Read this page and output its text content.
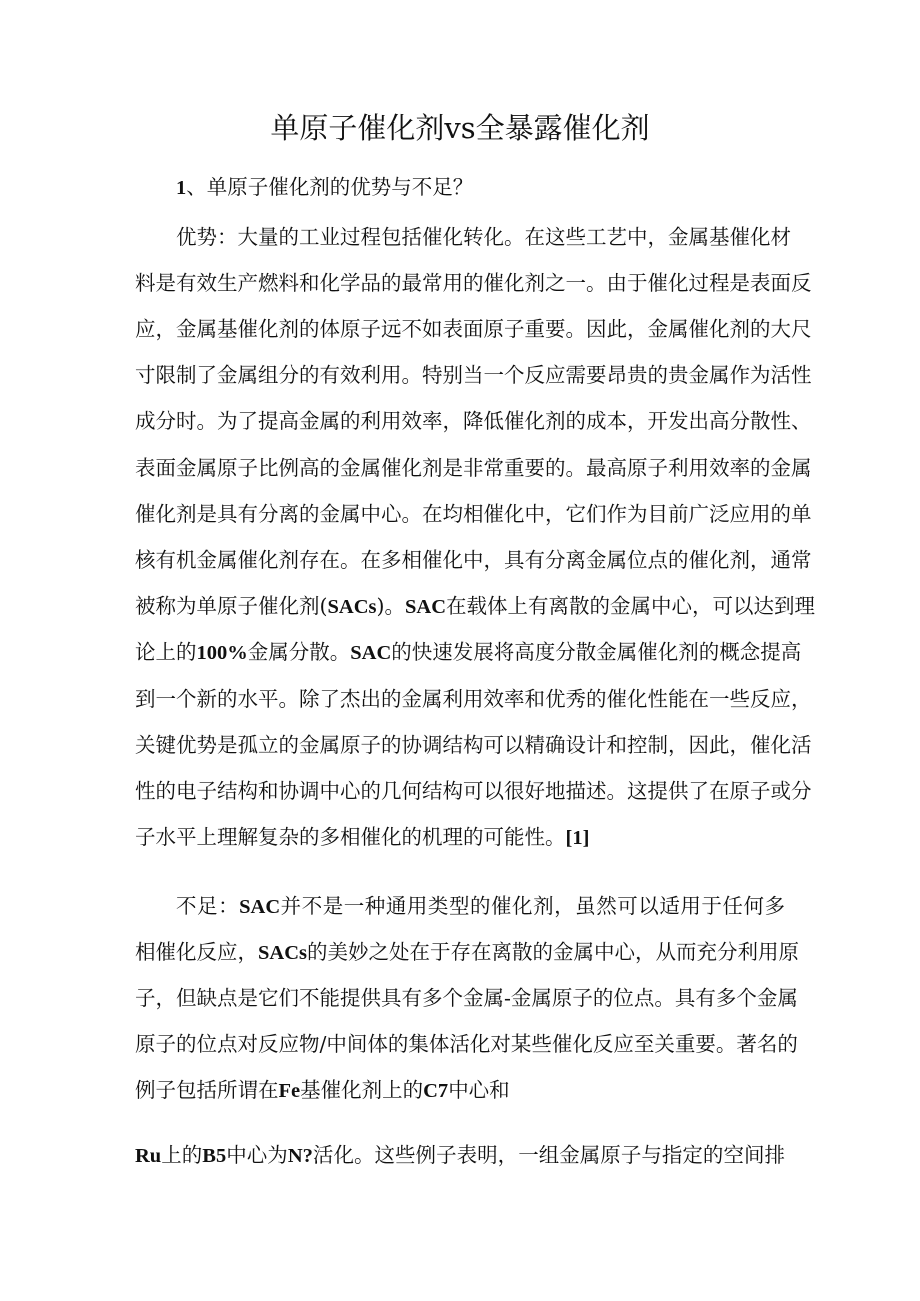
单原子催化剂vs全暴露催化剂
1、单原子催化剂的优势与不足？
优势：大量的工业过程包括催化转化。在这些工艺中，金属基催化材
料是有效生产燃料和化学品的最常用的催化剂之一。由于催化过程是表面反
应，金属基催化剂的体原子远不如表面原子重要。因此，金属催化剂的大尺
寸限制了金属组分的有效利用。特别当一个反应需要昂贵的贵金属作为活性
成分时。为了提高金属的利用效率，降低催化剂的成本，开发出高分散性、
表面金属原子比例高的金属催化剂是非常重要的。最高原子利用效率的金属
催化剂是具有分离的金属中心。在均相催化中，它们作为目前广泛应用的单
核有机金属催化剂存在。在多相催化中，具有分离金属位点的催化剂，通常
被称为单原子催化剂(SACs)。SAC在载体上有离散的金属中心，可以达到理
论上的100%金属分散。SAC的快速发展将高度分散金属催化剂的概念提高
到一个新的水平。除了杰出的金属利用效率和优秀的催化性能在一些反应，
关键优势是孤立的金属原子的协调结构可以精确设计和控制，因此，催化活
性的电子结构和协调中心的几何结构可以很好地描述。这提供了在原子或分
子水平上理解复杂的多相催化的机理的可能性。[1]
不足：SAC并不是一种通用类型的催化剂，虽然可以适用于任何多
相催化反应，SACs的美妙之处在于存在离散的金属中心，从而充分利用原
子，但缺点是它们不能提供具有多个金属-金属原子的位点。具有多个金属
原子的位点对反应物/中间体的集体活化对某些催化反应至关重要。著名的
例子包括所谓在Fe基催化剂上的C7中心和
Ru上的B5中心为N?活化。这些例子表明，一组金属原子与指定的空间排
